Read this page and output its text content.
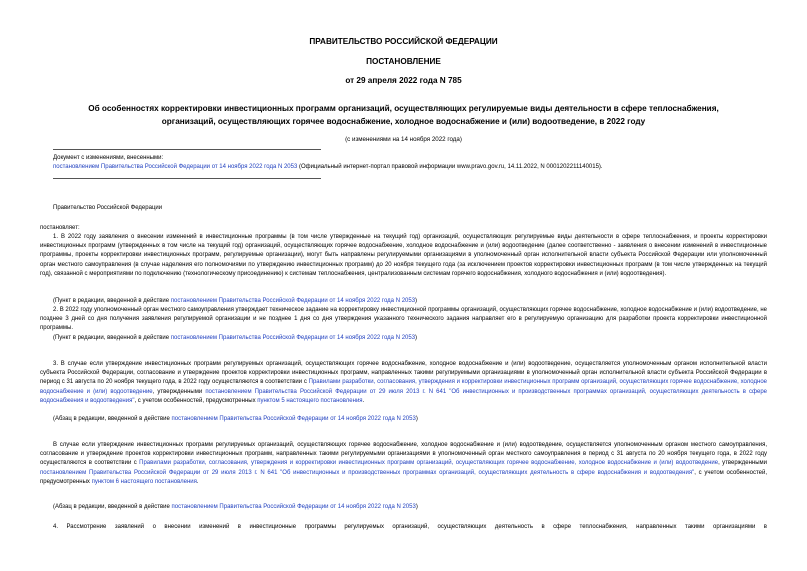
ПРАВИТЕЛЬСТВО РОССИЙСКОЙ ФЕДЕРАЦИИ
ПОСТАНОВЛЕНИЕ
от 29 апреля 2022 года N 785
Об особенностях корректировки инвестиционных программ организаций, осуществляющих регулируемые виды деятельности в сфере теплоснабжения,
организаций, осуществляющих горячее водоснабжение, холодное водоснабжение и (или) водоотведение, в 2022 году
(с изменениями на 14 ноября 2022 года)
Документ с изменениями, внесенными:
постановлением Правительства Российской Федерации от 14 ноября 2022 года N 2053 (Официальный интернет-портал правовой информации www.pravo.gov.ru, 14.11.2022, N 0001202211140015).
Правительство Российской Федерации
постановляет:
1. В 2022 году заявления о внесении изменений в инвестиционные программы (в том числе утвержденные на текущий год) организаций, осуществляющих регулируемые виды деятельности в сфере теплоснабжения, и проекты корректировки инвестиционных программ (утвержденных в том числе на текущий год) организаций, осуществляющих горячее водоснабжение, холодное водоснабжение и (или) водоотведение (далее соответственно - заявления о внесении изменений в инвестиционные программы, проекты корректировки инвестиционных программ, регулируемые организации), могут быть направлены регулируемыми организациями в уполномоченный орган исполнительной власти субъекта Российской Федерации или уполномоченный орган местного самоуправления (в случае наделения его полномочиями по утверждению инвестиционных программ) до 20 ноября текущего года (за исключением проектов корректировки инвестиционных программ (в том числе утвержденных на текущий год), связанной с мероприятиями по подключению (технологическому присоединению) к системам теплоснабжения, централизованным системам горячего водоснабжения, холодного водоснабжения и (или) водоотведения).
(Пункт в редакции, введенной в действие постановлением Правительства Российской Федерации от 14 ноября 2022 года N 2053)
2. В 2022 году уполномоченный орган местного самоуправления утверждает техническое задание на корректировку инвестиционной программы организаций, осуществляющих горячее водоснабжение, холодное водоснабжение и (или) водоотведение, не позднее 3 дней со дня получения заявления регулируемой организации и не позднее 1 дня со дня утверждения указанного технического задания направляет его в регулируемую организацию для разработки проекта корректировки инвестиционной программы.
(Пункт в редакции, введенной в действие постановлением Правительства Российской Федерации от 14 ноября 2022 года N 2053)
3. В случае если утверждение инвестиционных программ регулируемых организаций, осуществляющих горячее водоснабжение, холодное водоснабжение и (или) водоотведение, осуществляется уполномоченным органом исполнительной власти субъекта Российской Федерации, согласование и утверждение проектов корректировки инвестиционных программ, направленных такими регулируемыми организациями в уполномоченный орган исполнительной власти субъекта Российской Федерации в период с 31 августа по 20 ноября текущего года, в 2022 году осуществляются в соответствии с Правилами разработки, согласования, утверждения и корректировки инвестиционных программ организаций, осуществляющих горячее водоснабжение, холодное водоснабжение и (или) водоотведение, утвержденными постановлением Правительства Российской Федерации от 29 июля 2013 г. N 641 "Об инвестиционных и производственных программах организаций, осуществляющих деятельность в сфере водоснабжения и водоотведения", с учетом особенностей, предусмотренных пунктом 5 настоящего постановления.
(Абзац в редакции, введенной в действие постановлением Правительства Российской Федерации от 14 ноября 2022 года N 2053)
В случае если утверждение инвестиционных программ регулируемых организаций, осуществляющих горячее водоснабжение, холодное водоснабжение и (или) водоотведение, осуществляется уполномоченным органом местного самоуправления, согласование и утверждение проектов корректировки инвестиционных программ, направленных такими регулируемыми организациями в уполномоченный орган местного самоуправления в период с 31 августа по 20 ноября текущего года, в 2022 году осуществляются в соответствии с Правилами разработки, согласования, утверждения и корректировки инвестиционных программ организаций, осуществляющих горячее водоснабжение, холодное водоснабжение и (или) водоотведение, утвержденными постановлением Правительства Российской Федерации от 29 июля 2013 г. N 641 "Об инвестиционных и производственных программах организаций, осуществляющих деятельность в сфере водоснабжения и водоотведения", с учетом особенностей, предусмотренных пунктом 6 настоящего постановления.
(Абзац в редакции, введенной в действие постановлением Правительства Российской Федерации от 14 ноября 2022 года N 2053)
4. Рассмотрение заявлений о внесении изменений в инвестиционные программы регулируемых организаций, осуществляющих деятельность в сфере теплоснабжения, направленных такими организациями в
